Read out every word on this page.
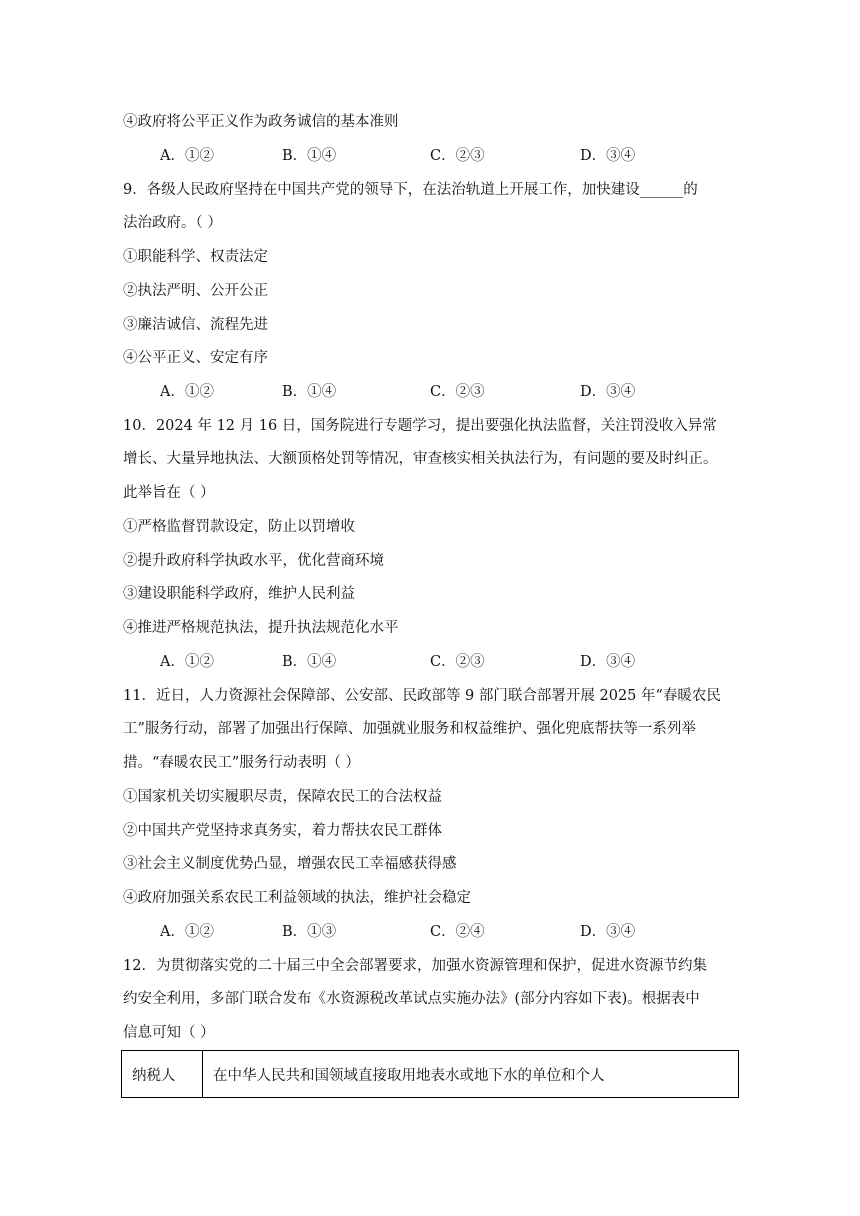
④政府将公平正义作为政务诚信的基本准则
A．①②	B．①④	C．②③	D．③④
9．各级人民政府坚持在中国共产党的领导下，在法治轨道上开展工作，加快建设______的
法治政府。（ ）
①职能科学、权责法定
②执法严明、公开公正
③廉洁诚信、流程先进
④公平正义、安定有序
A．①②	B．①④	C．②③	D．③④
10．2024 年 12 月 16 日，国务院进行专题学习，提出要强化执法监督，关注罚没收入异常
增长、大量异地执法、大额顶格处罚等情况，审查核实相关执法行为，有问题的要及时纠正。
此举旨在（ ）
①严格监督罚款设定，防止以罚增收
②提升政府科学执政水平，优化营商环境
③建设职能科学政府，维护人民利益
④推进严格规范执法，提升执法规范化水平
A．①②	B．①④	C．②③	D．③④
11．近日，人力资源社会保障部、公安部、民政部等 9 部门联合部署开展 2025 年“春暖农民
工”服务行动，部署了加强出行保障、加强就业服务和权益维护、强化兜底帮扶等一系列举
措。“春暖农民工”服务行动表明（ ）
①国家机关切实履职尽责，保障农民工的合法权益
②中国共产党坚持求真务实，着力帮扶农民工群体
③社会主义制度优势凸显，增强农民工幸福感获得感
④政府加强关系农民工利益领域的执法，维护社会稳定
A．①②	B．①③	C．②④	D．③④
12．为贯彻落实党的二十届三中全会部署要求，加强水资源管理和保护，促进水资源节约集
约安全利用，多部门联合发布《水资源税改革试点实施办法》(部分内容如下表)。根据表中
信息可知（ ）
纳税人	在中华人民共和国领域直接取用地表水或地下水的单位和个人
